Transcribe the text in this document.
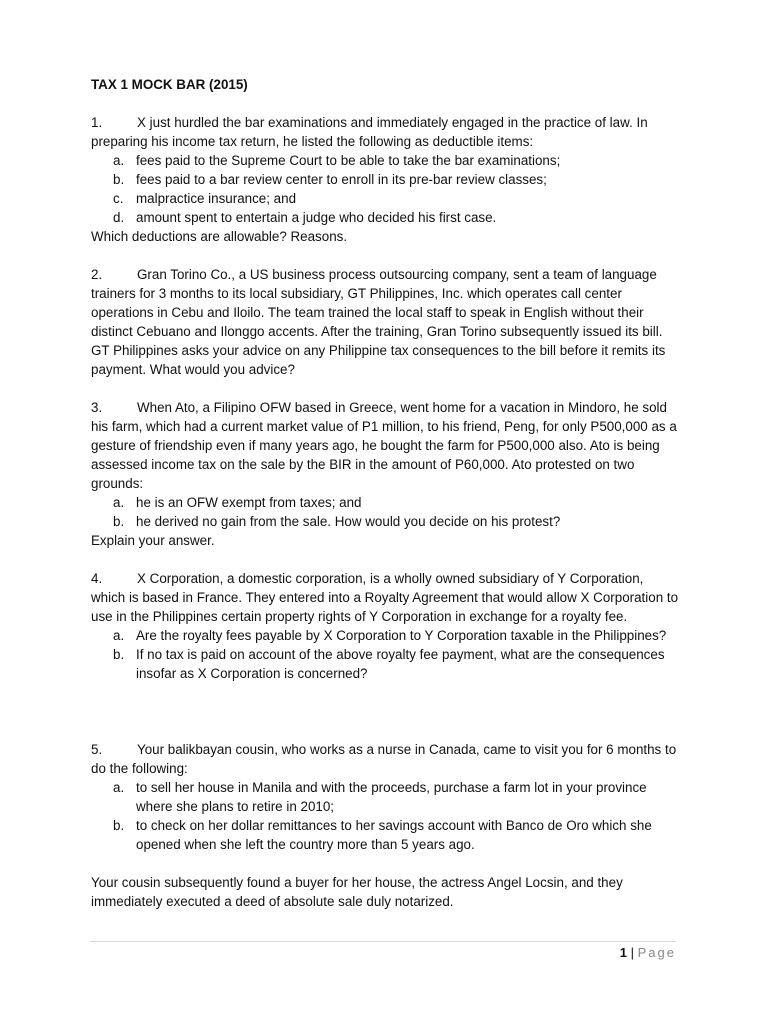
TAX 1 MOCK BAR (2015)

1.	X just hurdled the bar examinations and immediately engaged in the practice of law. In preparing his income tax return, he listed the following as deductible items:

a. fees paid to the Supreme Court to be able to take the bar examinations;
b. fees paid to a bar review center to enroll in its pre-bar review classes;
c. malpractice insurance; and
d. amount spent to entertain a judge who decided his first case.

Which deductions are allowable? Reasons.

2.	Gran Torino Co., a US business process outsourcing company, sent a team of language trainers for 3 months to its local subsidiary, GT Philippines, Inc. which operates call center operations in Cebu and Iloilo. The team trained the local staff to speak in English without their distinct Cebuano and Ilonggo accents. After the training, Gran Torino subsequently issued its bill. GT Philippines asks your advice on any Philippine tax consequences to the bill before it remits its payment. What would you advice?

3.	When Ato, a Filipino OFW based in Greece, went home for a vacation in Mindoro, he sold his farm, which had a current market value of P1 million, to his friend, Peng, for only P500,000 as a gesture of friendship even if many years ago, he bought the farm for P500,000 also. Ato is being assessed income tax on the sale by the BIR in the amount of P60,000. Ato protested on two grounds:

a. he is an OFW exempt from taxes; and
b. he derived no gain from the sale. How would you decide on his protest?

Explain your answer.

4.	X Corporation, a domestic corporation, is a wholly owned subsidiary of Y Corporation, which is based in France. They entered into a Royalty Agreement that would allow X Corporation to use in the Philippines certain property rights of Y Corporation in exchange for a royalty fee.

a. Are the royalty fees payable by X Corporation to Y Corporation taxable in the Philippines?
b. If no tax is paid on account of the above royalty fee payment, what are the consequences insofar as X Corporation is concerned?

5.	Your balikbayan cousin, who works as a nurse in Canada, came to visit you for 6 months to do the following:

a. to sell her house in Manila and with the proceeds, purchase a farm lot in your province where she plans to retire in 2010;
b. to check on her dollar remittances to her savings account with Banco de Oro which she opened when she left the country more than 5 years ago.

Your cousin subsequently found a buyer for her house, the actress Angel Locsin, and they immediately executed a deed of absolute sale duly notarized.

1 | Page
